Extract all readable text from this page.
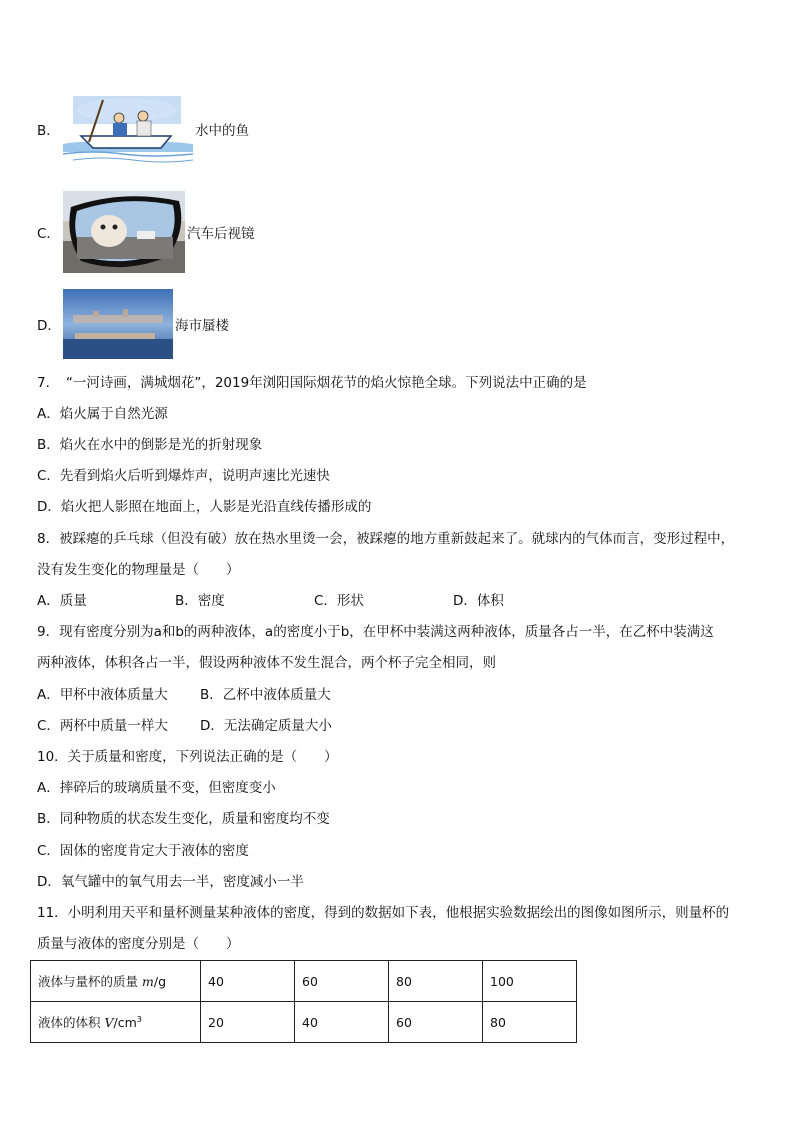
B．	水中的鱼
C．	汽车后视镜
D．	海市蜃楼
7．　“一河诗画，满城烟花”，2019年浏阳国际烟花节的焰火惊艳全球。下列说法中正确的是
A．焰火属于自然光源
B．焰火在水中的倒影是光的折射现象
C．先看到焰火后听到爆炸声，说明声速比光速快
D．焰火把人影照在地面上，人影是光沿直线传播形成的
8．被踩瘪的乒乓球（但没有破）放在热水里烫一会，被踩瘪的地方重新鼓起来了。就球内的气体而言，变形过程中，
没有发生变化的物理量是（　　）
A．质量	B．密度	C．形状	D．体积
9．现有密度分别为a和b的两种液体，a的密度小于b，在甲杯中装满这两种液体，质量各占一半，在乙杯中装满这
两种液体，体积各占一半，假设两种液体不发生混合，两个杯子完全相同，则
A．甲杯中液体质量大 B．乙杯中液体质量大
C．两杯中质量一样大 D．无法确定质量大小
10．关于质量和密度，下列说法正确的是（　　）
A．摔碎后的玻璃质量不变，但密度变小
B．同种物质的状态发生变化，质量和密度均不变
C．固体的密度肯定大于液体的密度
D．氧气罐中的氧气用去一半，密度减小一半
11．小明利用天平和量杯测量某种液体的密度，得到的数据如下表，他根据实验数据绘出的图像如图所示，则量杯的
质量与液体的密度分别是（　　）
液体与量杯的质量 m/g	40	60	80	100
液体的体积 $V/cm^3$	20	40	60	80
